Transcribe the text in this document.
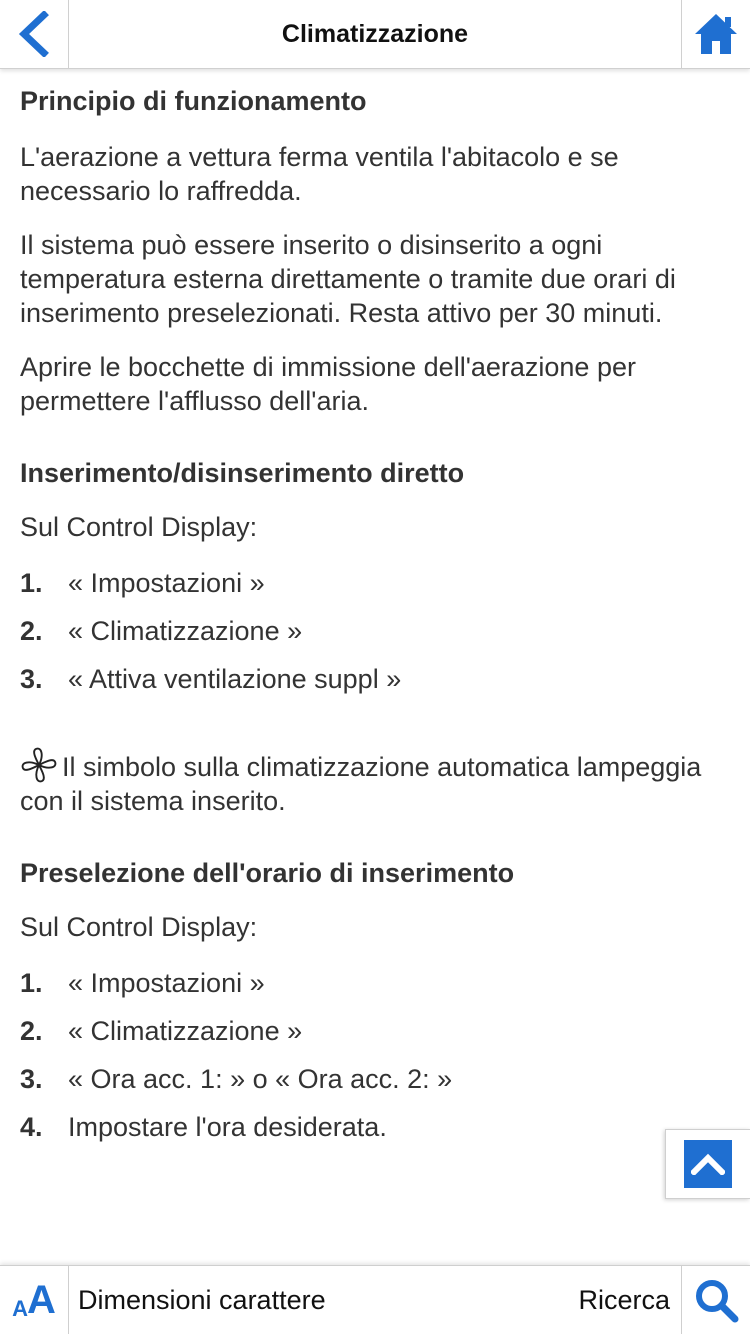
Climatizzazione
Principio di funzionamento

L'aerazione a vettura ferma ventila l'abitacolo e se necessario lo raffredda.

Il sistema può essere inserito o disinserito a ogni temperatura esterna direttamente o tramite due orari di inserimento preselezionati. Resta attivo per 30 minuti.

Aprire le bocchette di immissione dell'aerazione per permettere l'afflusso dell'aria.

Inserimento/disinserimento diretto

Sul Control Display:

1. « Impostazioni »
2. « Climatizzazione »
3. « Attiva ventilazione suppl »

Il simbolo sulla climatizzazione automatica lampeggia con il sistema inserito.

Preselezione dell'orario di inserimento

Sul Control Display:

1. « Impostazioni »
2. « Climatizzazione »
3. « Ora acc. 1: » o « Ora acc. 2: »
4. Impostare l'ora desiderata.
A A Dimensioni carattere	Ricerca
